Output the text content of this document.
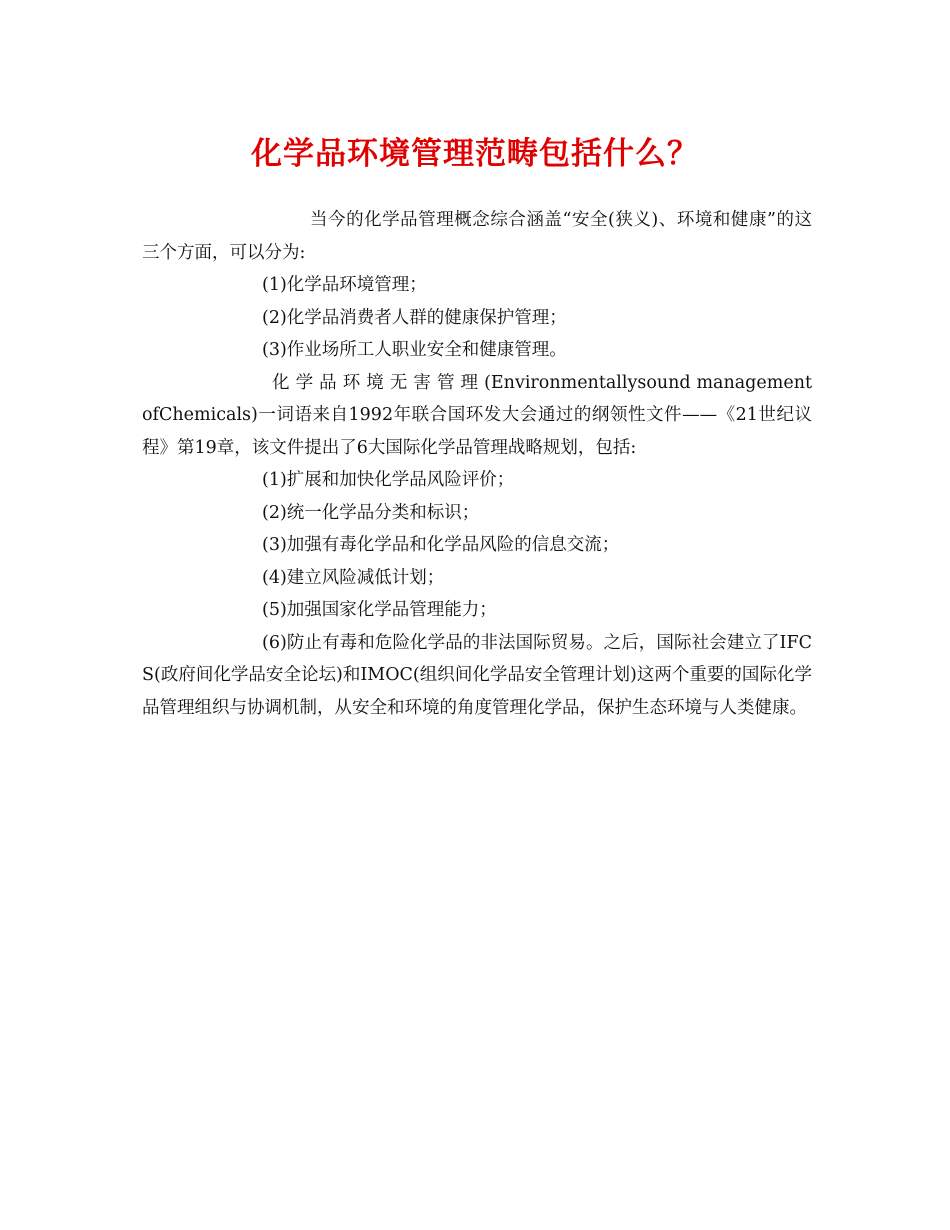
化学品环境管理范畴包括什么？

当今的化学品管理概念综合涵盖“安全(狭义)、环境和健康”的这三个方面，可以分为:

(1)化学品环境管理；

(2)化学品消费者人群的健康保护管理；

(3)作业场所工人职业安全和健康管理。

化 学 品 环 境 无 害 管 理 (Environmentallysound managementofChemicals)一词语来自1992年联合国环发大会通过的纲领性文件——《21世纪议程》第19章，该文件提出了6大国际化学品管理战略规划，包括:

(1)扩展和加快化学品风险评价；

(2)统一化学品分类和标识；

(3)加强有毒化学品和化学品风险的信息交流；

(4)建立风险减低计划；

(5)加强国家化学品管理能力；

(6)防止有毒和危险化学品的非法国际贸易。之后，国际社会建立了IFCS(政府间化学品安全论坛)和IMOC(组织间化学品安全管理计划)这两个重要的国际化学品管理组织与协调机制，从安全和环境的角度管理化学品，保护生态环境与人类健康。
